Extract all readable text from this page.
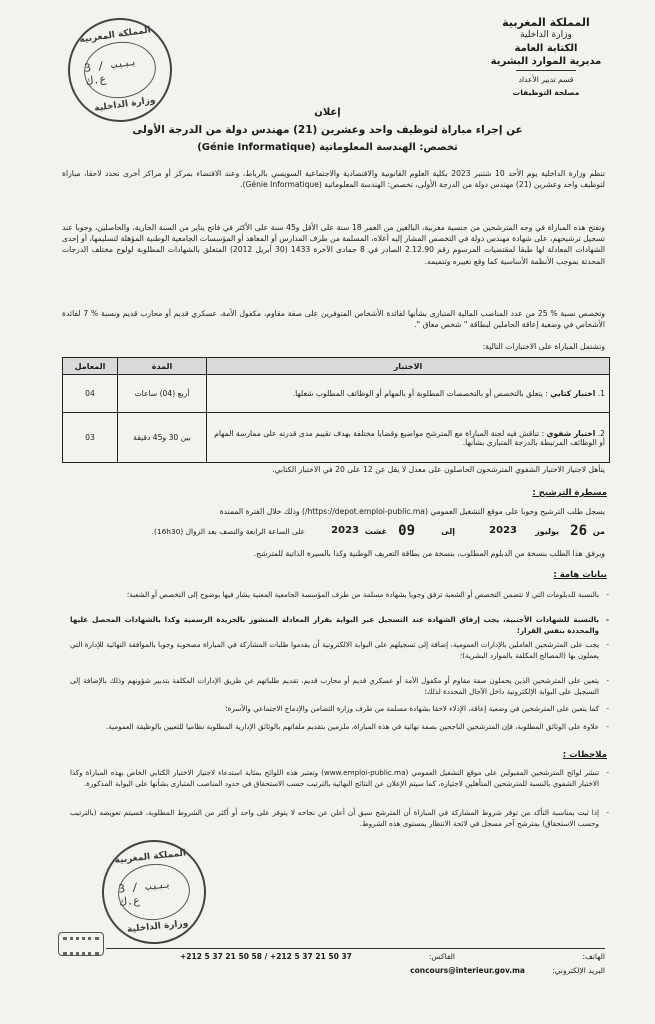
المملكة المغربية
وزارة الداخلية
الكتابة العامة
مديرية الموارد البشرية
قسم تدبير الأعداد
مصلحة التوظيفات
المملكة المغربية
3 بببب / ع.ك
وزارة الداخلية	إعلان
عن إجراء مباراة لتوظيف واحد وعشرين (21) مهندس دولة من الدرجة الأولى
تخصص: الهندسة المعلوماتية (Génie Informatique)
تنظم وزارة الداخلية يوم الأحد 10 شتنبر 2023 بكلية العلوم القانونية والاقتصادية والاجتماعية السويسي بالرباط، وعند الاقتضاء بمركز أو مراكز أخرى تحدد لاحقا، مباراة لتوظيف واحد وعشرين (21) مهندس دولة من الدرجة الأولى، تخصص: الهندسة المعلوماتية (Génie Informatique).
وتفتح هذه المباراة في وجه المترشحين من جنسية مغربية، البالغين من العمر 18 سنة على الأقل و45 سنة على الأكثر في فاتح يناير من السنة الجارية، والحاصلين، وجوبا عند تسجيل ترشيحهم، على شهادة مهندس دولة في التخصص المشار إليه أعلاه، المسلمة من طرف المدارس أو المعاهد أو المؤسسات الجامعية الوطنية المؤهلة لتسليمها، أو إحدى الشهادات المعادلة لها طبقا لمقتضيات المرسوم رقم 2.12.90 الصادر في 8 جمادى الآخرة 1433 (30 أبريل 2012) المتعلق بالشهادات المطلوبة لولوج مختلف الدرجات المحدثة بموجب الأنظمة الأساسية كما وقع تغييره وتتميمه.
وتخصص نسبة % 25 من عدد المناصب المالية المتبارى بشأنها لفائدة الأشخاص المتوفرين على صفة مقاوم، مكفول الأمة، عسكري قديم أو محارب قديم ونسبة % 7 لفائدة الأشخاص في وضعية إعاقة الحاملين لبطاقة " شخص معاق ".
وتشتمل المباراة على الاختبارات التالية:
الاختبار	المدة	المعامل
1. اختبار كتابي : يتعلق بالتخصص أو بالتخصصات المطلوبة أو بالمهام أو الوظائف المطلوب شغلها.	أربع (04) ساعات	04
2. اختبار شفوي : تناقش فيه لجنة المباراة مع المترشح مواضيع وقضايا مختلفة بهدف تقييم مدى قدرته على ممارسة المهام أو الوظائف المرتبطة بالدرجة المتبارى بشأنها.	بين 30 و45 دقيقة	03
يتأهل لاجتياز الاختبار الشفوي المترشحون الحاصلون على معدل لا يقل عن 12 على 20 في الاختبار الكتابي.
مسطرة الترشيح :
يسجل طلب الترشيح وجوبا على موقع التشغيل العمومي (https://depot.emploi-public.ma/) وذلك خلال الفترة الممتدة
من
26
يوليوز
2023
إلى
09
غشت
2023
على الساعة الرابعة والنصف بعد الزوال (16h30).
ويرفق هذا الطلب بنسخة من الدبلوم المطلوب، بنسخة من بطاقة التعريف الوطنية وكذا بالسيرة الذاتية للمترشح.
بيانات هامة :
- بالنسبة للدبلومات التي لا تتضمن التخصص أو الشعبة ترفق وجوبا بشهادة مسلمة من طرف المؤسسة الجامعية المعنية يشار فيها بوضوح إلى التخصص أو الشعبة؛
- بالنسبة للشهادات الأجنبية، يجب إرفاق الشهادة عند التسجيل عبر البوابة بقرار المعادلة المنشور بالجريدة الرسمية وكذا بالشهادات المحصل عليها والمحددة بنفس القرار؛
- يجب على المترشحين العاملين بالإدارات العمومية، إضافة إلى تسجيلهم على البوابة الالكترونية أن يقدموا طلبات المشاركة في المباراة مصحوبة وجوبا بالموافقة النهائية للإدارة التي يعملون بها (المصالح المكلفة بالموارد البشرية)؛
- يتعين على المترشحين الذين يحملون صفة مقاوم أو مكفول الأمة أو عسكري قديم أو محارب قديم، تقديم طلباتهم عن طريق الإدارات المكلفة بتدبير شؤونهم وذلك بالإضافة إلى التسجيل على البوابة الإلكترونية داخل الآجال المحددة لذلك؛
- كما يتعين على المترشحين في وضعية إعاقة، الإدلاء لاحقا بشهادة مسلمة من طرف وزارة التضامن والإدماج الاجتماعي والأسرة؛
- علاوة على الوثائق المطلوبة، فإن المترشحين الناجحين بصفة نهائية في هذه المباراة، ملزمين بتقديم ملفاتهم بالوثائق الإدارية المطلوبة نظاميا للتعيين بالوظيفة العمومية.
ملاحظات :
- تنشر لوائح المترشحين المقبولين على موقع التشغيل العمومي (www.emploi-public.ma) وتعتبر هذه اللوائح بمثابة استدعاء لاجتياز الاختبار الكتابي الخاص بهذه المباراة وكذا الاختبار الشفوي بالنسبة للمترشحين المتأهلين لاجتيازه، كما سيتم الإعلان عن النتائج النهائية بالترتيب حسب الاستحقاق في حدود المناصب المتبارى بشأنها على البوابة المذكورة.
- إذا ثبت بمناسبة التأكد من توفر شروط المشاركة في المباراة أن المترشح سبق أن أعلن عن نجاحه لا يتوفر على واحد أو أكثر من الشروط المطلوبة، فسيتم تعويضه (بالترتيب وحسب الاستحقاق) بمترشح آخر مسجل في لائحة الانتظار بمستوى هذه الشروط.
المملكة المغربية
3 بببب / ع.ك
وزارة الداخلية
الهاتف:
الفاكس:
+212 5 37 21 50 58 / +212 5 37 21 50 37
البريد الإلكتروني:
concours@interieur.gov.ma
